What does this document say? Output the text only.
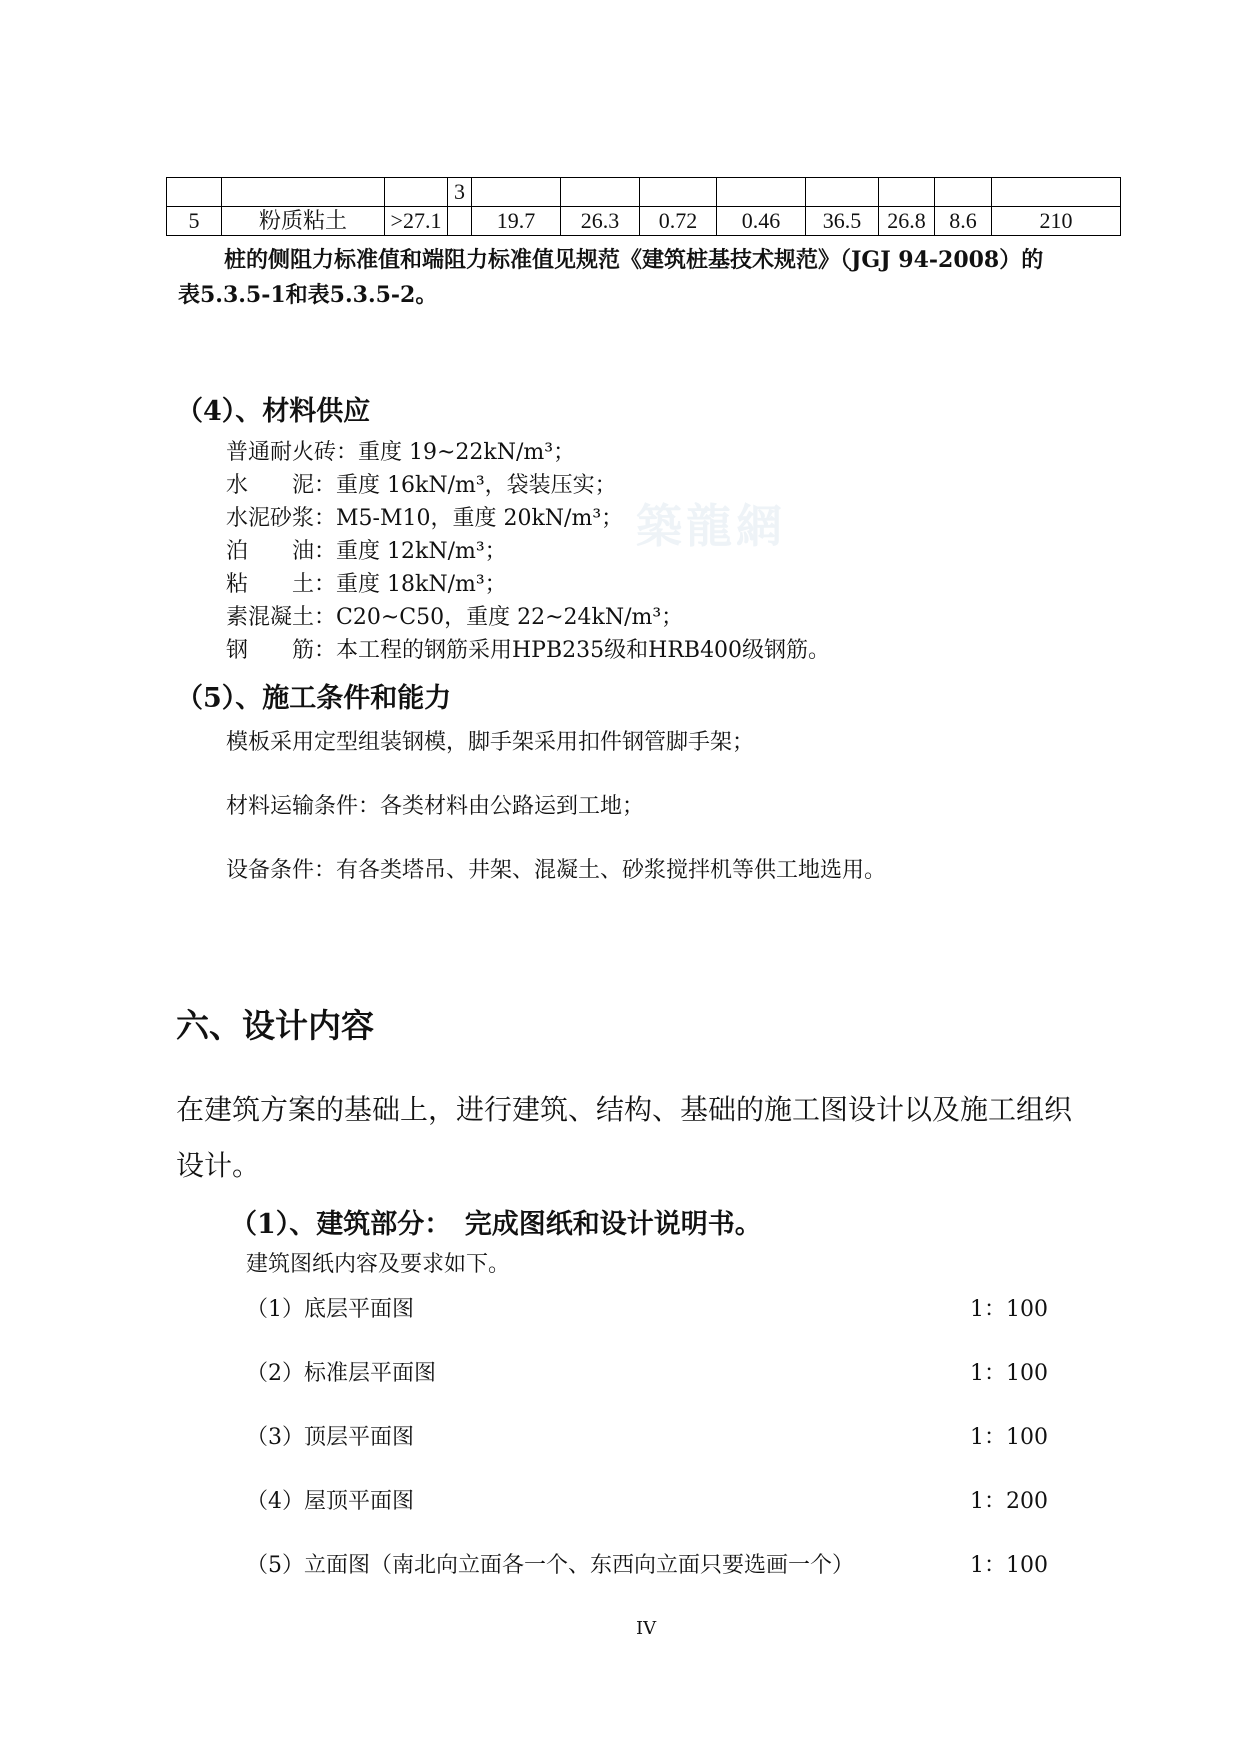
			3								
5	粉质粘土	>27.1		19.7	26.3	0.72	0.46	36.5	26.8	8.6	210
桩的侧阻力标准值和端阻力标准值见规范《建筑桩基技术规范》（JGJ 94-2008）的
表5.3.5-1和表5.3.5-2。
（4）、材料供应
築龍網
普通耐火砖：重度 19~22kN/m³；
水　　泥：重度 16kN/m³，袋装压实；
水泥砂浆：M5-M10，重度 20kN/m³；
泊　　油：重度 12kN/m³；
粘　　土：重度 18kN/m³；
素混凝土：C20~C50，重度 22~24kN/m³；
钢　　筋：本工程的钢筋采用HPB235级和HRB400级钢筋。
（5）、施工条件和能力
模板采用定型组装钢模，脚手架采用扣件钢管脚手架；
材料运输条件：各类材料由公路运到工地；
设备条件：有各类塔吊、井架、混凝土、砂浆搅拌机等供工地选用。
六、设计内容
在建筑方案的基础上，进行建筑、结构、基础的施工图设计以及施工组织
设计。
（1）、建筑部分：　完成图纸和设计说明书。
建筑图纸内容及要求如下。
（1）底层平面图	1：100
（2）标准层平面图	1：100
（3）顶层平面图	1：100
（4）屋顶平面图	1：200
（5）立面图（南北向立面各一个、东西向立面只要选画一个）	1：100
IV
